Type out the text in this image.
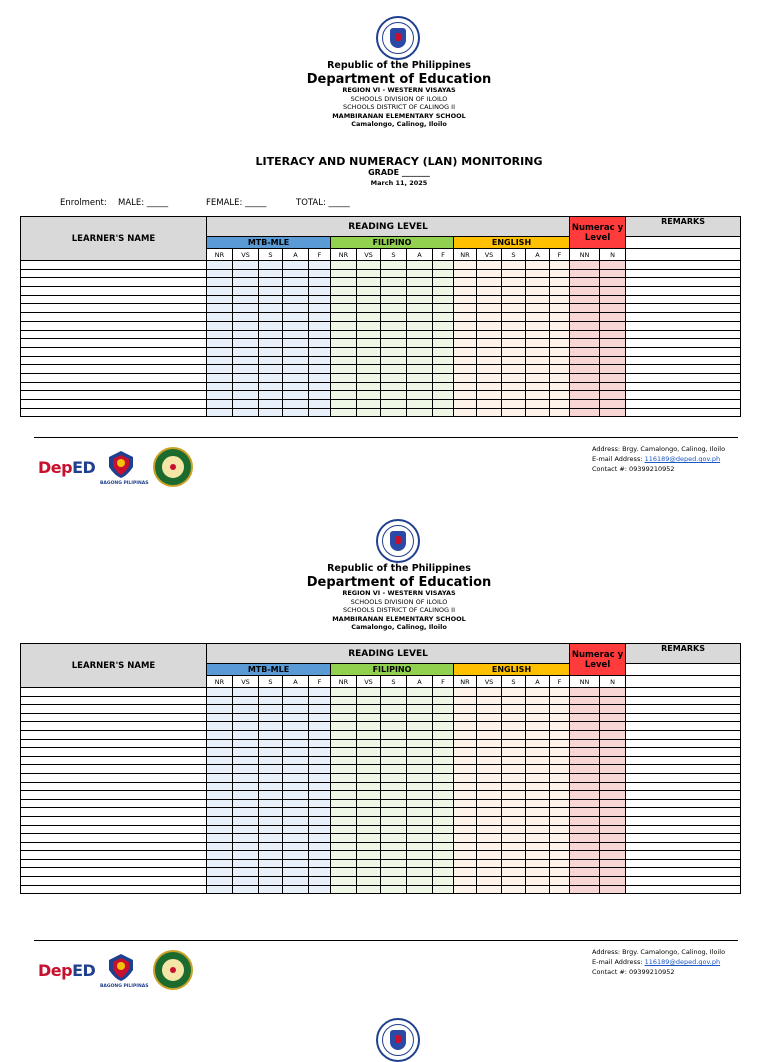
Republic of the Philippines
Department of Education
REGION VI - WESTERN VISAYAS
SCHOOLS DIVISION OF ILOILO
SCHOOLS DISTRICT OF CALINOG II
MAMBIRANAN ELEMENTARY SCHOOL
Camalongo, Calinog, Iloilo
LITERACY AND NUMERACY (LAN) MONITORING
GRADE _______
March 11, 2025
Enrolment: MALE: _____	FEMALE: _____	TOTAL: _____
LEARNER'S NAME	READING LEVEL															Numerac y Level		REMARKS
	MTB-MLE					FILIPINO					ENGLISH							
	NR	VS	S	A	F	NR	VS	S	A	F	NR	VS	S	A	F	NN	N	

DepED
BAGONG PILIPINAS
Address: Brgy. Camalongo, Calinog, Iloilo
E-mail Address: 116189@deped.gov.ph
Contact #: 09399210952
Republic of the Philippines
Department of Education
REGION VI - WESTERN VISAYAS
SCHOOLS DIVISION OF ILOILO
SCHOOLS DISTRICT OF CALINOG II
MAMBIRANAN ELEMENTARY SCHOOL
Camalongo, Calinog, Iloilo
LEARNER'S NAME	READING LEVEL															Numerac y Level		REMARKS
	MTB-MLE					FILIPINO					ENGLISH							
	NR	VS	S	A	F	NR	VS	S	A	F	NR	VS	S	A	F	NN	N	

DepED
BAGONG PILIPINAS
Address: Brgy. Camalongo, Calinog, Iloilo
E-mail Address: 116189@deped.gov.ph
Contact #: 09399210952
